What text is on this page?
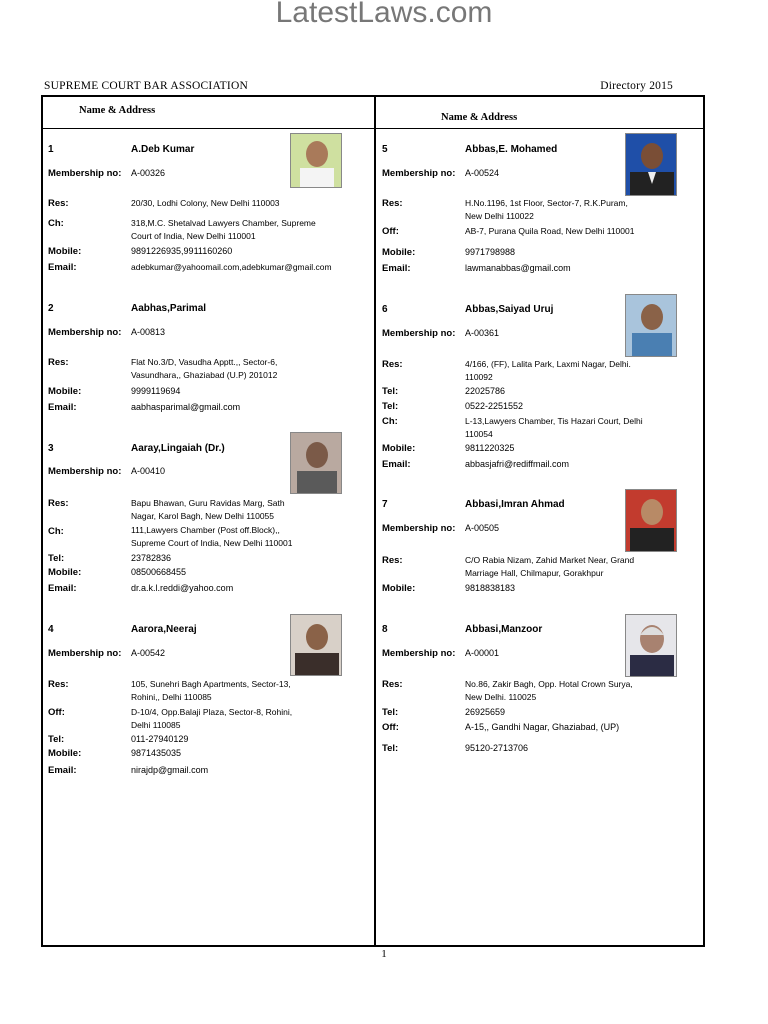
LatestLaws.com
SUPREME COURT BAR ASSOCIATION	Directory 2015
Name & Address
Name & Address
1	A.Deb Kumar
Membership no: A-00326
Res:	20/30, Lodhi Colony, New Delhi 110003
Ch:	318,M.C. Shetalvad Lawyers Chamber, Supreme Court of India, New Delhi 110001
Mobile:	9891226935,9911160260
Email:	adebkumar@yahoomail.com,adebkumar@gmail.com
2	Aabhas,Parimal
Membership no: A-00813
Res:	Flat No.3/D, Vasudha Apptt.,, Sector-6, Vasundhara,, Ghaziabad (U.P) 201012
Mobile:	9999119694
Email:	aabhasparimal@gmail.com
3	Aaray,Lingaiah (Dr.)
Membership no: A-00410
Res:	Bapu Bhawan, Guru Ravidas Marg, Sath Nagar, Karol Bagh, New Delhi 110055
Ch:	111,Lawyers Chamber (Post off.Block),, Supreme Court of India, New Delhi 110001
Tel:	23782836
Mobile:	08500668455
Email:	dr.a.k.l.reddi@yahoo.com
4	Aarora,Neeraj
Membership no: A-00542
Res:	105, Sunehri Bagh Apartments, Sector-13, Rohini,, Delhi 110085
Off:	D-10/4, Opp.Balaji Plaza, Sector-8, Rohini, Delhi 110085
Tel:	011-27940129
Mobile:	9871435035
Email:	nirajdp@gmail.com
5	Abbas,E. Mohamed
Membership no: A-00524
Res:	H.No.1196, 1st Floor, Sector-7, R.K.Puram, New Delhi 110022
Off:	AB-7, Purana Quila Road, New Delhi 110001
Mobile:	9971798988
Email:	lawmanabbas@gmail.com
6	Abbas,Saiyad Uruj
Membership no: A-00361
Res:	4/166, (FF), Lalita Park, Laxmi Nagar, Delhi. 110092
Tel:	22025786
Tel:	0522-2251552
Ch:	L-13,Lawyers Chamber, Tis Hazari Court, Delhi 110054
Mobile:	9811220325
Email:	abbasjafri@rediffmail.com
7	Abbasi,Imran Ahmad
Membership no: A-00505
Res:	C/O Rabia Nizam, Zahid Market Near, Grand Marriage Hall, Chilmapur, Gorakhpur
Mobile:	9818838183
8	Abbasi,Manzoor
Membership no: A-00001
Res:	No.86, Zakir Bagh, Opp. Hotal Crown Surya, New Delhi. 110025
Tel:	26925659
Off:	A-15,, Gandhi Nagar, Ghaziabad, (UP)
Tel:	95120-2713706
1
